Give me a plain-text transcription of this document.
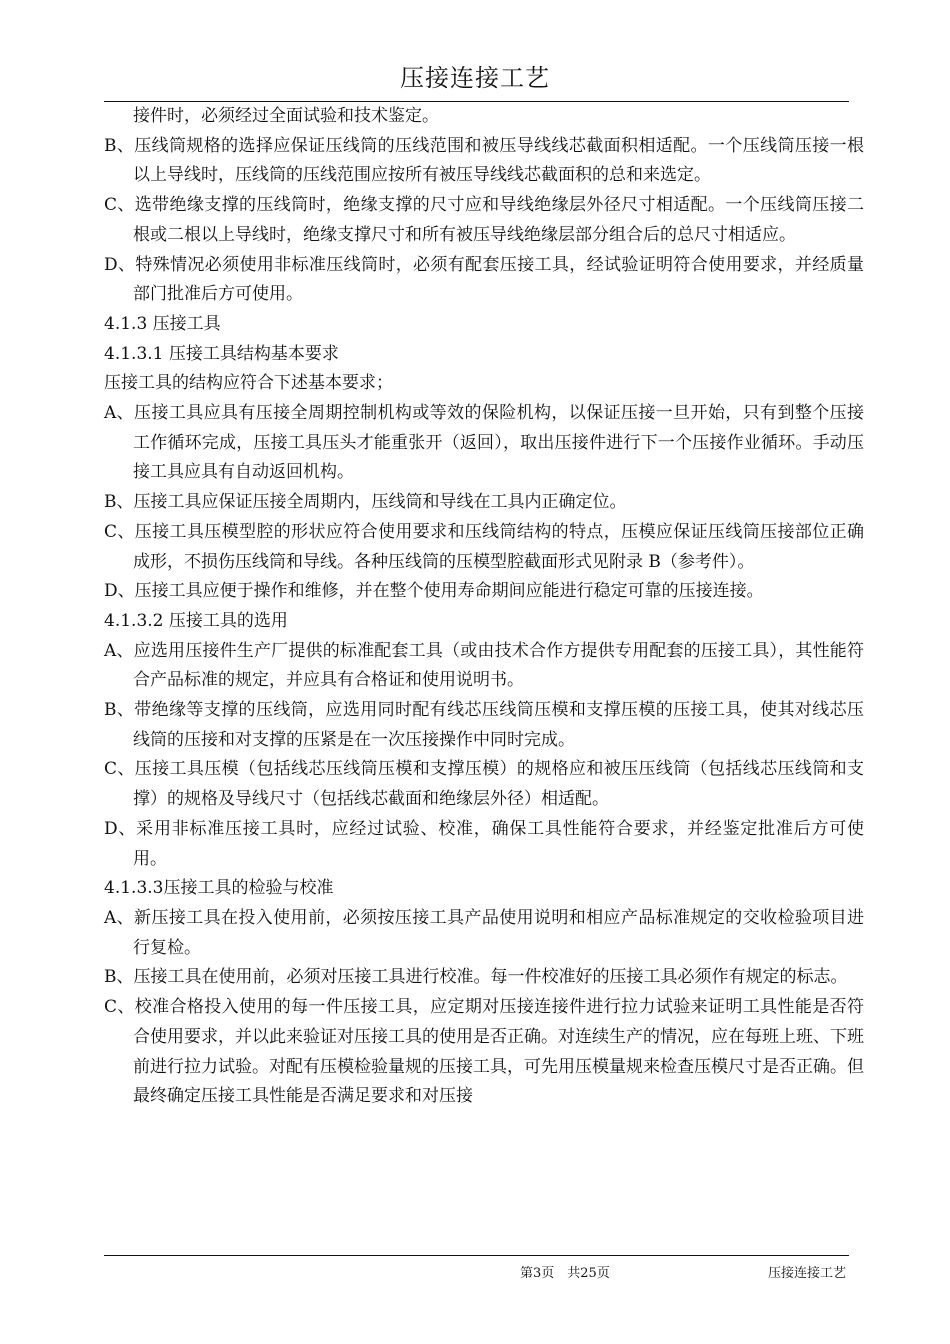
压接连接工艺

接件时，必须经过全面试验和技术鉴定。

B、压线筒规格的选择应保证压线筒的压线范围和被压导线线芯截面积相适配。一个压线筒压接一根以上导线时，压线筒的压线范围应按所有被压导线线芯截面积的总和来选定。

C、选带绝缘支撑的压线筒时，绝缘支撑的尺寸应和导线绝缘层外径尺寸相适配。一个压线筒压接二根或二根以上导线时，绝缘支撑尺寸和所有被压导线绝缘层部分组合后的总尺寸相适应。

D、特殊情况必须使用非标准压线筒时，必须有配套压接工具，经试验证明符合使用要求，并经质量部门批准后方可使用。

4.1.3 压接工具

4.1.3.1 压接工具结构基本要求

压接工具的结构应符合下述基本要求；

A、压接工具应具有压接全周期控制机构或等效的保险机构，以保证压接一旦开始，只有到整个压接工作循环完成，压接工具压头才能重张开（返回），取出压接件进行下一个压接作业循环。手动压接工具应具有自动返回机构。

B、压接工具应保证压接全周期内，压线筒和导线在工具内正确定位。

C、压接工具压模型腔的形状应符合使用要求和压线筒结构的特点，压模应保证压线筒压接部位正确成形，不损伤压线筒和导线。各种压线筒的压模型腔截面形式见附录 B（参考件）。

D、压接工具应便于操作和维修，并在整个使用寿命期间应能进行稳定可靠的压接连接。

4.1.3.2 压接工具的选用

A、应选用压接件生产厂提供的标准配套工具（或由技术合作方提供专用配套的压接工具），其性能符合产品标准的规定，并应具有合格证和使用说明书。

B、带绝缘等支撑的压线筒，应选用同时配有线芯压线筒压模和支撑压模的压接工具，使其对线芯压线筒的压接和对支撑的压紧是在一次压接操作中同时完成。

C、压接工具压模（包括线芯压线筒压模和支撑压模）的规格应和被压压线筒（包括线芯压线筒和支撑）的规格及导线尺寸（包括线芯截面和绝缘层外径）相适配。

D、采用非标准压接工具时，应经过试验、校准，确保工具性能符合要求，并经鉴定批准后方可使用。

4.1.3.3压接工具的检验与校准

A、新压接工具在投入使用前，必须按压接工具产品使用说明和相应产品标准规定的交收检验项目进行复检。

B、压接工具在使用前，必须对压接工具进行校准。每一件校准好的压接工具必须作有规定的标志。

C、校准合格投入使用的每一件压接工具，应定期对压接连接件进行拉力试验来证明工具性能是否符合使用要求，并以此来验证对压接工具的使用是否正确。对连续生产的情况，应在每班上班、下班前进行拉力试验。对配有压模检验量规的压接工具，可先用压模量规来检查压模尺寸是否正确。但最终确定压接工具性能是否满足要求和对压接

第3页　共25页	压接连接工艺
